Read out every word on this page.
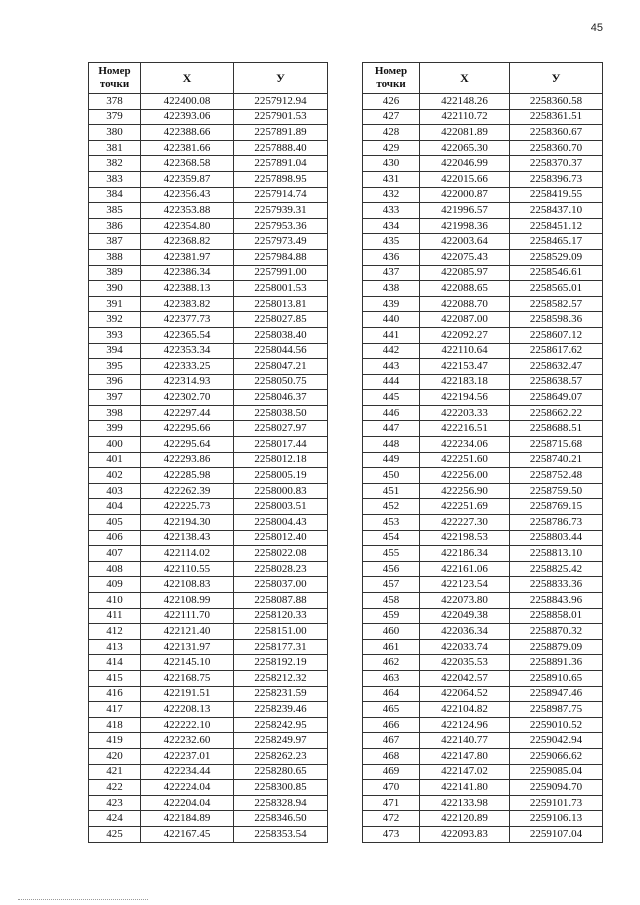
45
Номер
точки	X	У
378	422400.08	2257912.94
379	422393.06	2257901.53
380	422388.66	2257891.89
381	422381.66	2257888.40
382	422368.58	2257891.04
383	422359.87	2257898.95
384	422356.43	2257914.74
385	422353.88	2257939.31
386	422354.80	2257953.36
387	422368.82	2257973.49
388	422381.97	2257984.88
389	422386.34	2257991.00
390	422388.13	2258001.53
391	422383.82	2258013.81
392	422377.73	2258027.85
393	422365.54	2258038.40
394	422353.34	2258044.56
395	422333.25	2258047.21
396	422314.93	2258050.75
397	422302.70	2258046.37
398	422297.44	2258038.50
399	422295.66	2258027.97
400	422295.64	2258017.44
401	422293.86	2258012.18
402	422285.98	2258005.19
403	422262.39	2258000.83
404	422225.73	2258003.51
405	422194.30	2258004.43
406	422138.43	2258012.40
407	422114.02	2258022.08
408	422110.55	2258028.23
409	422108.83	2258037.00
410	422108.99	2258087.88
411	422111.70	2258120.33
412	422121.40	2258151.00
413	422131.97	2258177.31
414	422145.10	2258192.19
415	422168.75	2258212.32
416	422191.51	2258231.59
417	422208.13	2258239.46
418	422222.10	2258242.95
419	422232.60	2258249.97
420	422237.01	2258262.23
421	422234.44	2258280.65
422	422224.04	2258300.85
423	422204.04	2258328.94
424	422184.89	2258346.50
425	422167.45	2258353.54
Номер
точки	X	У
426	422148.26	2258360.58
427	422110.72	2258361.51
428	422081.89	2258360.67
429	422065.30	2258360.70
430	422046.99	2258370.37
431	422015.66	2258396.73
432	422000.87	2258419.55
433	421996.57	2258437.10
434	421998.36	2258451.12
435	422003.64	2258465.17
436	422075.43	2258529.09
437	422085.97	2258546.61
438	422088.65	2258565.01
439	422088.70	2258582.57
440	422087.00	2258598.36
441	422092.27	2258607.12
442	422110.64	2258617.62
443	422153.47	2258632.47
444	422183.18	2258638.57
445	422194.56	2258649.07
446	422203.33	2258662.22
447	422216.51	2258688.51
448	422234.06	2258715.68
449	422251.60	2258740.21
450	422256.00	2258752.48
451	422256.90	2258759.50
452	422251.69	2258769.15
453	422227.30	2258786.73
454	422198.53	2258803.44
455	422186.34	2258813.10
456	422161.06	2258825.42
457	422123.54	2258833.36
458	422073.80	2258843.96
459	422049.38	2258858.01
460	422036.34	2258870.32
461	422033.74	2258879.09
462	422035.53	2258891.36
463	422042.57	2258910.65
464	422064.52	2258947.46
465	422104.82	2258987.75
466	422124.96	2259010.52
467	422140.77	2259042.94
468	422147.80	2259066.62
469	422147.02	2259085.04
470	422141.80	2259094.70
471	422133.98	2259101.73
472	422120.89	2259106.13
473	422093.83	2259107.04
